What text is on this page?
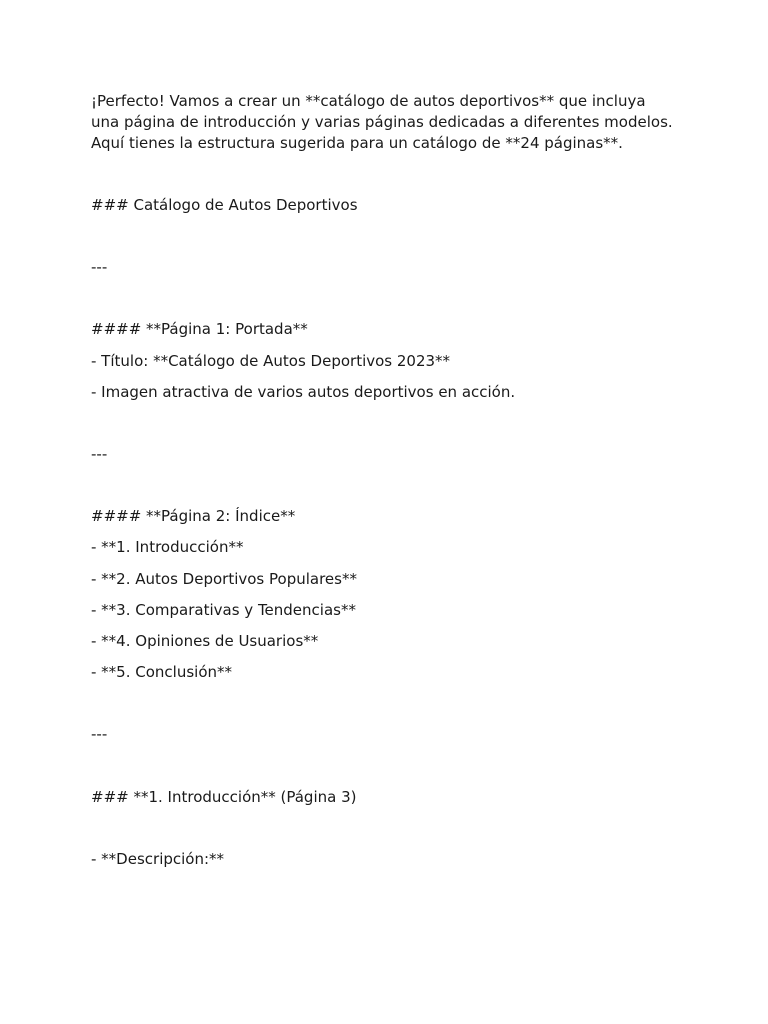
¡Perfecto! Vamos a crear un **catálogo de autos deportivos** que incluya
una página de introducción y varias páginas dedicadas a diferentes modelos.
Aquí tienes la estructura sugerida para un catálogo de **24 páginas**.
### Catálogo de Autos Deportivos
---
#### **Página 1: Portada**
- Título: **Catálogo de Autos Deportivos 2023**
- Imagen atractiva de varios autos deportivos en acción.
---
#### **Página 2: Índice**
- **1. Introducción**
- **2. Autos Deportivos Populares**
- **3. Comparativas y Tendencias**
- **4. Opiniones de Usuarios**
- **5. Conclusión**
---
### **1. Introducción** (Página 3)
- **Descripción:**
